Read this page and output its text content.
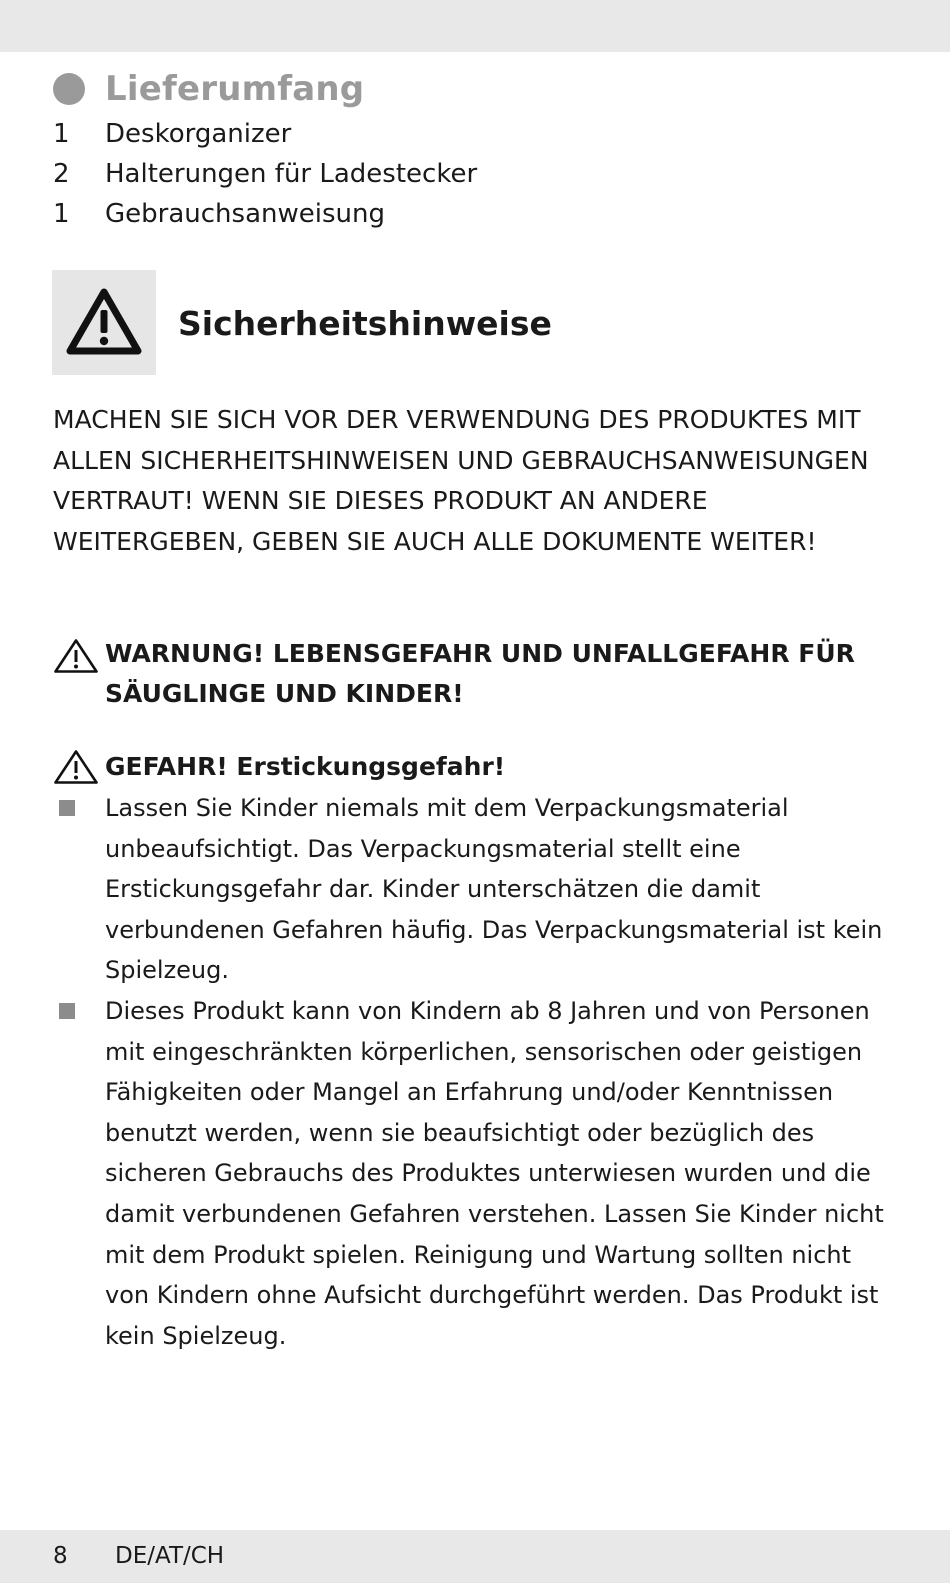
Lieferumfang
1	Deskorganizer
2	Halterungen für Ladestecker
1	Gebrauchsanweisung
Sicherheitshinweise

MACHEN SIE SICH VOR DER VERWENDUNG DES PRODUKTES MIT ALLEN SICHERHEITSHINWEISEN UND GEBRAUCHSANWEISUNGEN VERTRAUT! WENN SIE DIESES PRODUKT AN ANDERE WEITERGEBEN, GEBEN SIE AUCH ALLE DOKUMENTE WEITER!

WARNUNG! LEBENSGEFAHR UND UNFALLGEFAHR FÜR SÄUGLINGE UND KINDER!

GEFAHR! Erstickungsgefahr!

Lassen Sie Kinder niemals mit dem Verpackungsmaterial unbeaufsichtigt. Das Verpackungsmaterial stellt eine Erstickungsgefahr dar. Kinder unterschätzen die damit verbundenen Gefahren häufig. Das Verpackungsmaterial ist kein Spielzeug.
Dieses Produkt kann von Kindern ab 8 Jahren und von Personen mit eingeschränkten körperlichen, sensorischen oder geistigen Fähigkeiten oder Mangel an Erfahrung und/oder Kenntnissen benutzt werden, wenn sie beaufsichtigt oder bezüglich des sicheren Gebrauchs des Produktes unterwiesen wurden und die damit verbundenen Gefahren verstehen. Lassen Sie Kinder nicht mit dem Produkt spielen. Reinigung und Wartung sollten nicht von Kindern ohne Aufsicht durchgeführt werden. Das Produkt ist kein Spielzeug.
8 DE/AT/CH
